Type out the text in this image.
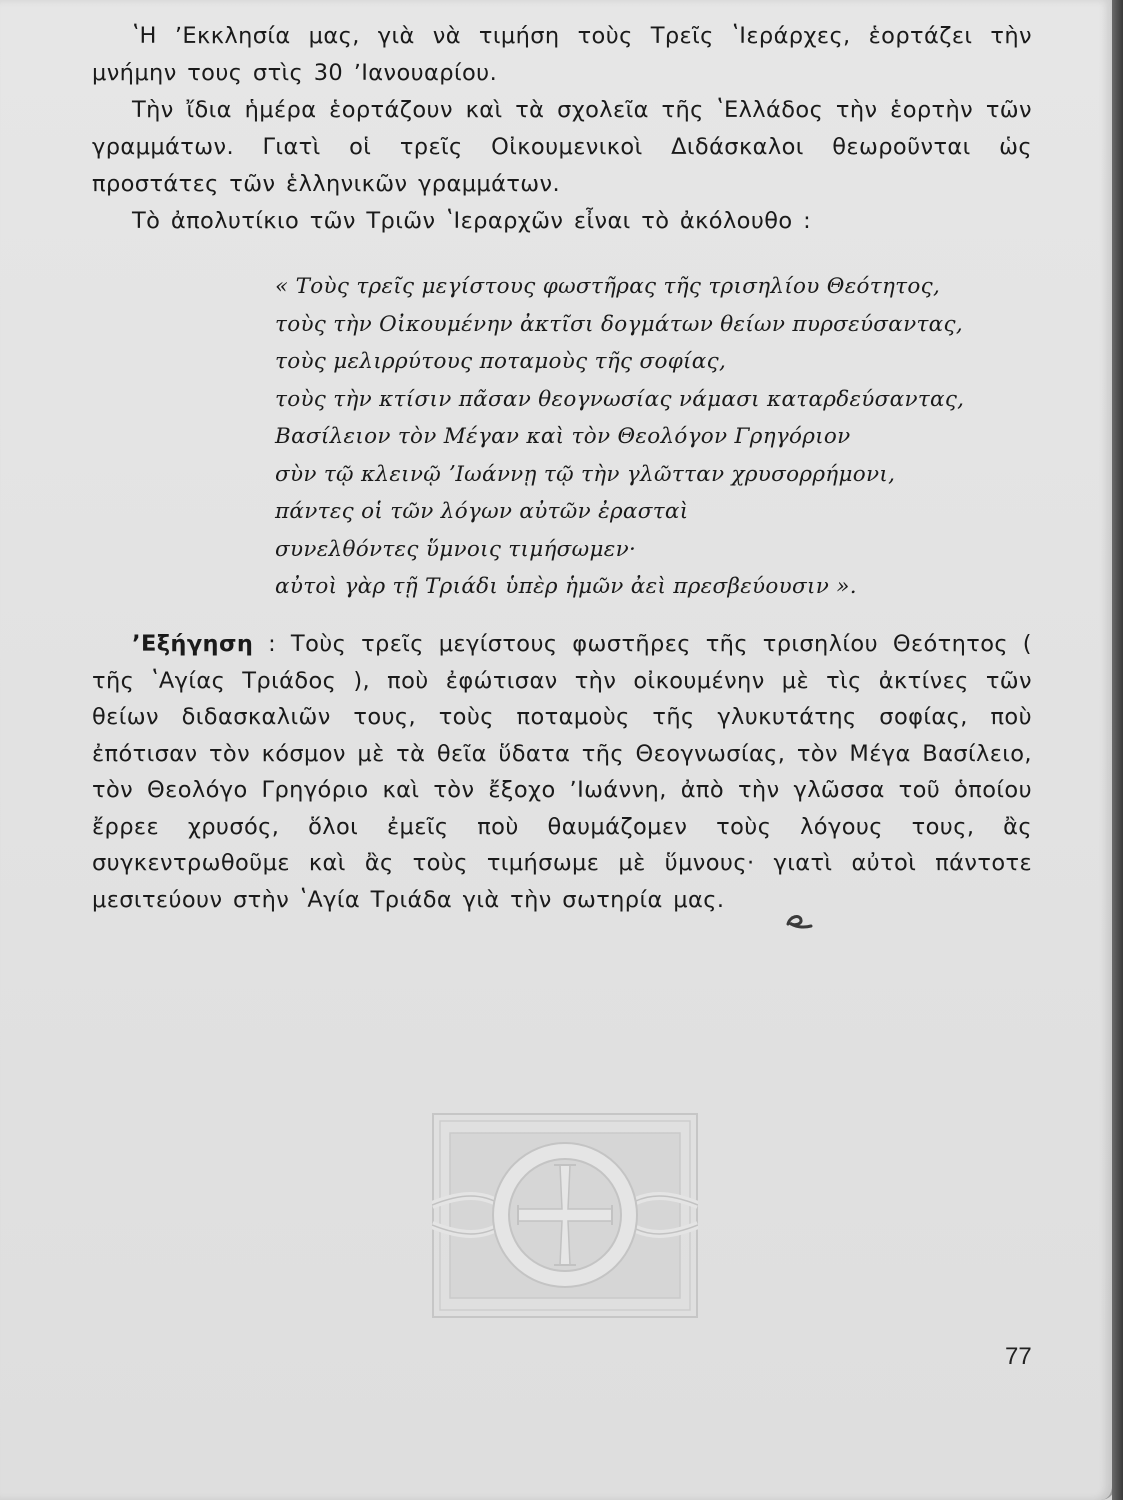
ʽΗ ʼΕκκλησία μας, γιὰ νὰ τιμήση τοὺς Τρεῖς ʽΙεράρχες, ἑορτάζει τὴν μνήμην τους στὶς 30 ʼΙανουαρίου.

Τὴν ἴδια ἡμέρα ἑορτάζουν καὶ τὰ σχολεῖα τῆς ʽΕλλάδος τὴν ἑορτὴν τῶν γραμμάτων. Γιατὶ οἱ τρεῖς Οἰκουμενικοὶ Διδάσκαλοι θεωροῦνται ὡς προστάτες τῶν ἑλληνικῶν γραμμάτων.

Τὸ ἀπολυτίκιο τῶν Τριῶν ʽΙεραρχῶν εἶναι τὸ ἀκόλουθο :

« Τοὺς τρεῖς μεγίστους φωστῆρας τῆς τρισηλίου Θεότητος,
τοὺς τὴν Οἰκουμένην ἀκτῖσι δογμάτων θείων πυρσεύσαντας,
τοὺς μελιρρύτους ποταμοὺς τῆς σοφίας,
τοὺς τὴν κτίσιν πᾶσαν θεογνωσίας νάμασι καταρδεύσαντας,
Βασίλειον τὸν Μέγαν καὶ τὸν Θεολόγον Γρηγόριον
σὺν τῷ κλεινῷ ʼΙωάννῃ τῷ τὴν γλῶτταν χρυσορρήμονι,
πάντες οἱ τῶν λόγων αὐτῶν ἐρασταὶ
συνελθόντες ὕμνοις τιμήσωμεν·
αὐτοὶ γὰρ τῇ Τριάδι ὑπὲρ ἡμῶν ἀεὶ πρεσβεύουσιν ».

ʼΕξήγηση : Τοὺς τρεῖς μεγίστους φωστῆρες τῆς τρισηλίου Θεότητος ( τῆς ʽΑγίας Τριάδος ), ποὺ ἐφώτισαν τὴν οἰκουμένην μὲ τὶς ἀκτίνες τῶν θείων διδασκαλιῶν τους, τοὺς ποταμοὺς τῆς γλυκυτάτης σοφίας, ποὺ ἐπότισαν τὸν κόσμον μὲ τὰ θεῖα ὕδατα τῆς Θεογνωσίας, τὸν Μέγα Βασίλειο, τὸν Θεολόγο Γρηγόριο καὶ τὸν ἔξοχο ʼΙωάννη, ἀπὸ τὴν γλῶσσα τοῦ ὁποίου ἔρρεε χρυσός, ὅλοι ἐμεῖς ποὺ θαυμάζομεν τοὺς λόγους τους, ἂς συγκεντρωθοῦμε καὶ ἂς τοὺς τιμήσωμε μὲ ὕμνους· γιατὶ αὐτοὶ πάντοτε μεσιτεύουν στὴν ʽΑγία Τριάδα γιὰ τὴν σωτηρία μας.

77
